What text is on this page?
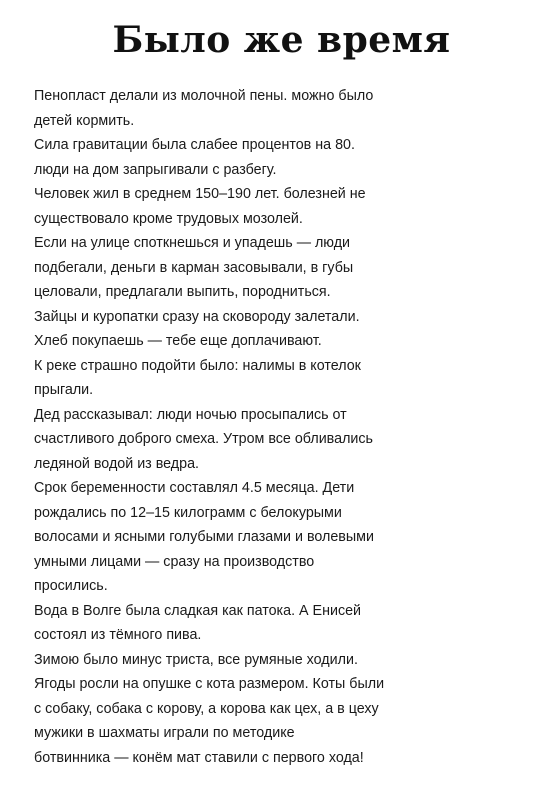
Было же время
Пенопласт делали из молочной пены. можно было
детей кормить.
Сила гравитации была слабее процентов на 80.
люди на дом запрыгивали с разбегу.
Человек жил в среднем 150–190 лет. болезней не
существовало кроме трудовых мозолей.
Если на улице споткнешься и упадешь — люди
подбегали, деньги в карман засовывали, в губы
целовали, предлагали выпить, породниться.
Зайцы и куропатки сразу на сковороду залетали.
Хлеб покупаешь — тебе еще доплачивают.
К реке страшно подойти было: налимы в котелок
прыгали.
Дед рассказывал: люди ночью просыпались от
счастливого доброго смеха. Утром все обливались
ледяной водой из ведра.
Срок беременности составлял 4.5 месяца. Дети
рождались по 12–15 килограмм с белокурыми
волосами и ясными голубыми глазами и волевыми
умными лицами — сразу на производство
просились.
Вода в Волге была сладкая как патока. А Енисей
состоял из тёмного пива.
Зимою было минус триста, все румяные ходили.
Ягоды росли на опушке с кота размером. Коты были
с собаку, собака с корову, а корова как цех, а в цеху
мужики в шахматы играли по методике
ботвинника — конём мат ставили с первого хода!
